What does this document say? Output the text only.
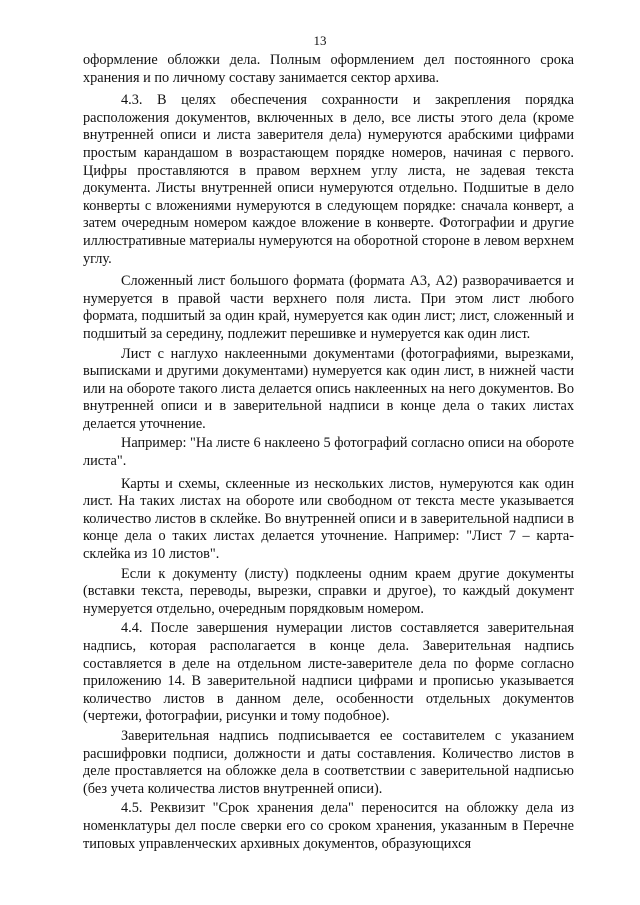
13

оформление обложки дела. Полным оформлением дел постоянного срока хранения и по личному составу занимается сектор архива.

4.3. В целях обеспечения сохранности и закрепления порядка расположения документов, включенных в дело, все листы этого дела (кроме внутренней описи и листа заверителя дела) нумеруются арабскими цифрами простым карандашом в возрастающем порядке номеров, начиная с первого. Цифры проставляются в правом верхнем углу листа, не задевая текста документа. Листы внутренней описи нумеруются отдельно. Подшитые в дело конверты с вложениями нумеруются в следующем порядке: сначала конверт, а затем очередным номером каждое вложение в конверте. Фотографии и другие иллюстративные материалы нумеруются на оборотной стороне в левом верхнем углу.

Сложенный лист большого формата (формата А3, А2) разворачивается и нумеруется в правой части верхнего поля листа. При этом лист любого формата, подшитый за один край, нумеруется как один лист; лист, сложенный и подшитый за середину, подлежит перешивке и нумеруется как один лист.

Лист с наглухо наклеенными документами (фотографиями, вырезками, выписками и другими документами) нумеруется как один лист, в нижней части или на обороте такого листа делается опись наклеенных на него документов. Во внутренней описи и в заверительной надписи в конце дела о таких листах делается уточнение.

Например: "На листе 6 наклеено 5 фотографий согласно описи на обороте листа".

Карты и схемы, склеенные из нескольких листов, нумеруются как один лист. На таких листах на обороте или свободном от текста месте указывается количество листов в склейке. Во внутренней описи и в заверительной надписи в конце дела о таких листах делается уточнение. Например: "Лист 7 – карта-склейка из 10 листов".

Если к документу (листу) подклеены одним краем другие документы (вставки текста, переводы, вырезки, справки и другое), то каждый документ нумеруется отдельно, очередным порядковым номером.

4.4. После завершения нумерации листов составляется заверительная надпись, которая располагается в конце дела. Заверительная надпись составляется в деле на отдельном листе-заверителе дела по форме согласно приложению 14. В заверительной надписи цифрами и прописью указывается количество листов в данном деле, особенности отдельных документов (чертежи, фотографии, рисунки и тому подобное).

Заверительная надпись подписывается ее составителем с указанием расшифровки подписи, должности и даты составления. Количество листов в деле проставляется на обложке дела в соответствии с заверительной надписью (без учета количества листов внутренней описи).

4.5. Реквизит "Срок хранения дела" переносится на обложку дела из номенклатуры дел после сверки его со сроком хранения, указанным в Перечне типовых управленческих архивных документов, образующихся
